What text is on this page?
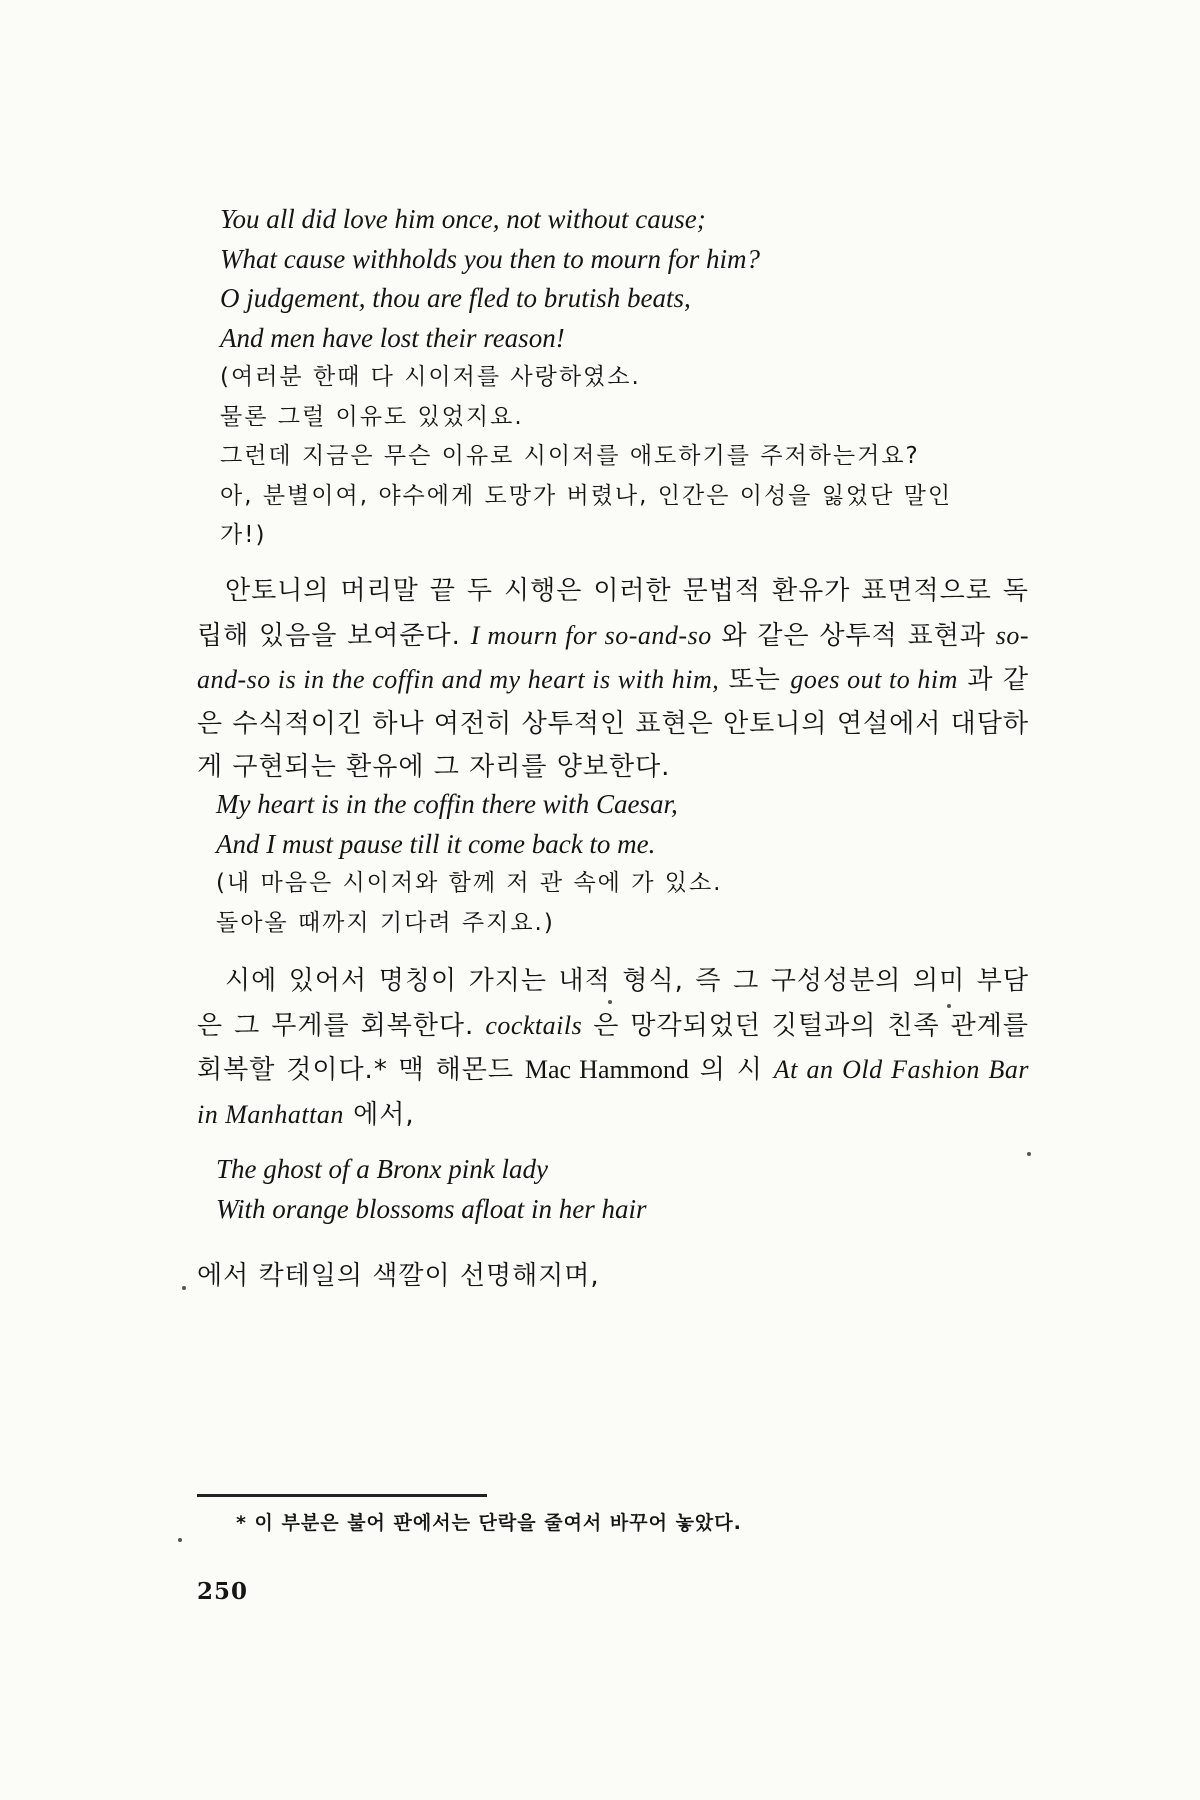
You all did love him once, not without cause;
What cause withholds you then to mourn for him?
O judgement, thou are fled to brutish beats,
And men have lost their reason!
(여러분 한때 다 시이저를 사랑하였소.
물론 그럴 이유도 있었지요.
그런데 지금은 무슨 이유로 시이저를 애도하기를 주저하는거요?
아, 분별이여, 야수에게 도망가 버렸나, 인간은 이성을 잃었단 말인
가!)
안토니의 머리말 끝 두 시행은 이러한 문법적 환유가 표면적으로 독립해 있음을 보여준다. I mourn for so-and-so 와 같은 상투적 표현과 so-and-so is in the coffin and my heart is with him, 또는 goes out to him 과 같은 수식적이긴 하나 여전히 상투적인 표현은 안토니의 연설에서 대담하게 구현되는 환유에 그 자리를 양보한다.
My heart is in the coffin there with Caesar,
And I must pause till it come back to me.
(내 마음은 시이저와 함께 저 관 속에 가 있소.
돌아올 때까지 기다려 주지요.)
시에 있어서 명칭이 가지는 내적 형식, 즉 그 구성성분의 의미 부담은 그 무게를 회복한다. cocktails 은 망각되었던 깃털과의 친족 관계를 회복할 것이다.* 맥 해몬드 Mac Hammond 의 시 At an Old Fashion Bar in Manhattan 에서,
The ghost of a Bronx pink lady
With orange blossoms afloat in her hair
에서 칵테일의 색깔이 선명해지며,
* 이 부분은 불어 판에서는 단락을 줄여서 바꾸어 놓았다.
250
